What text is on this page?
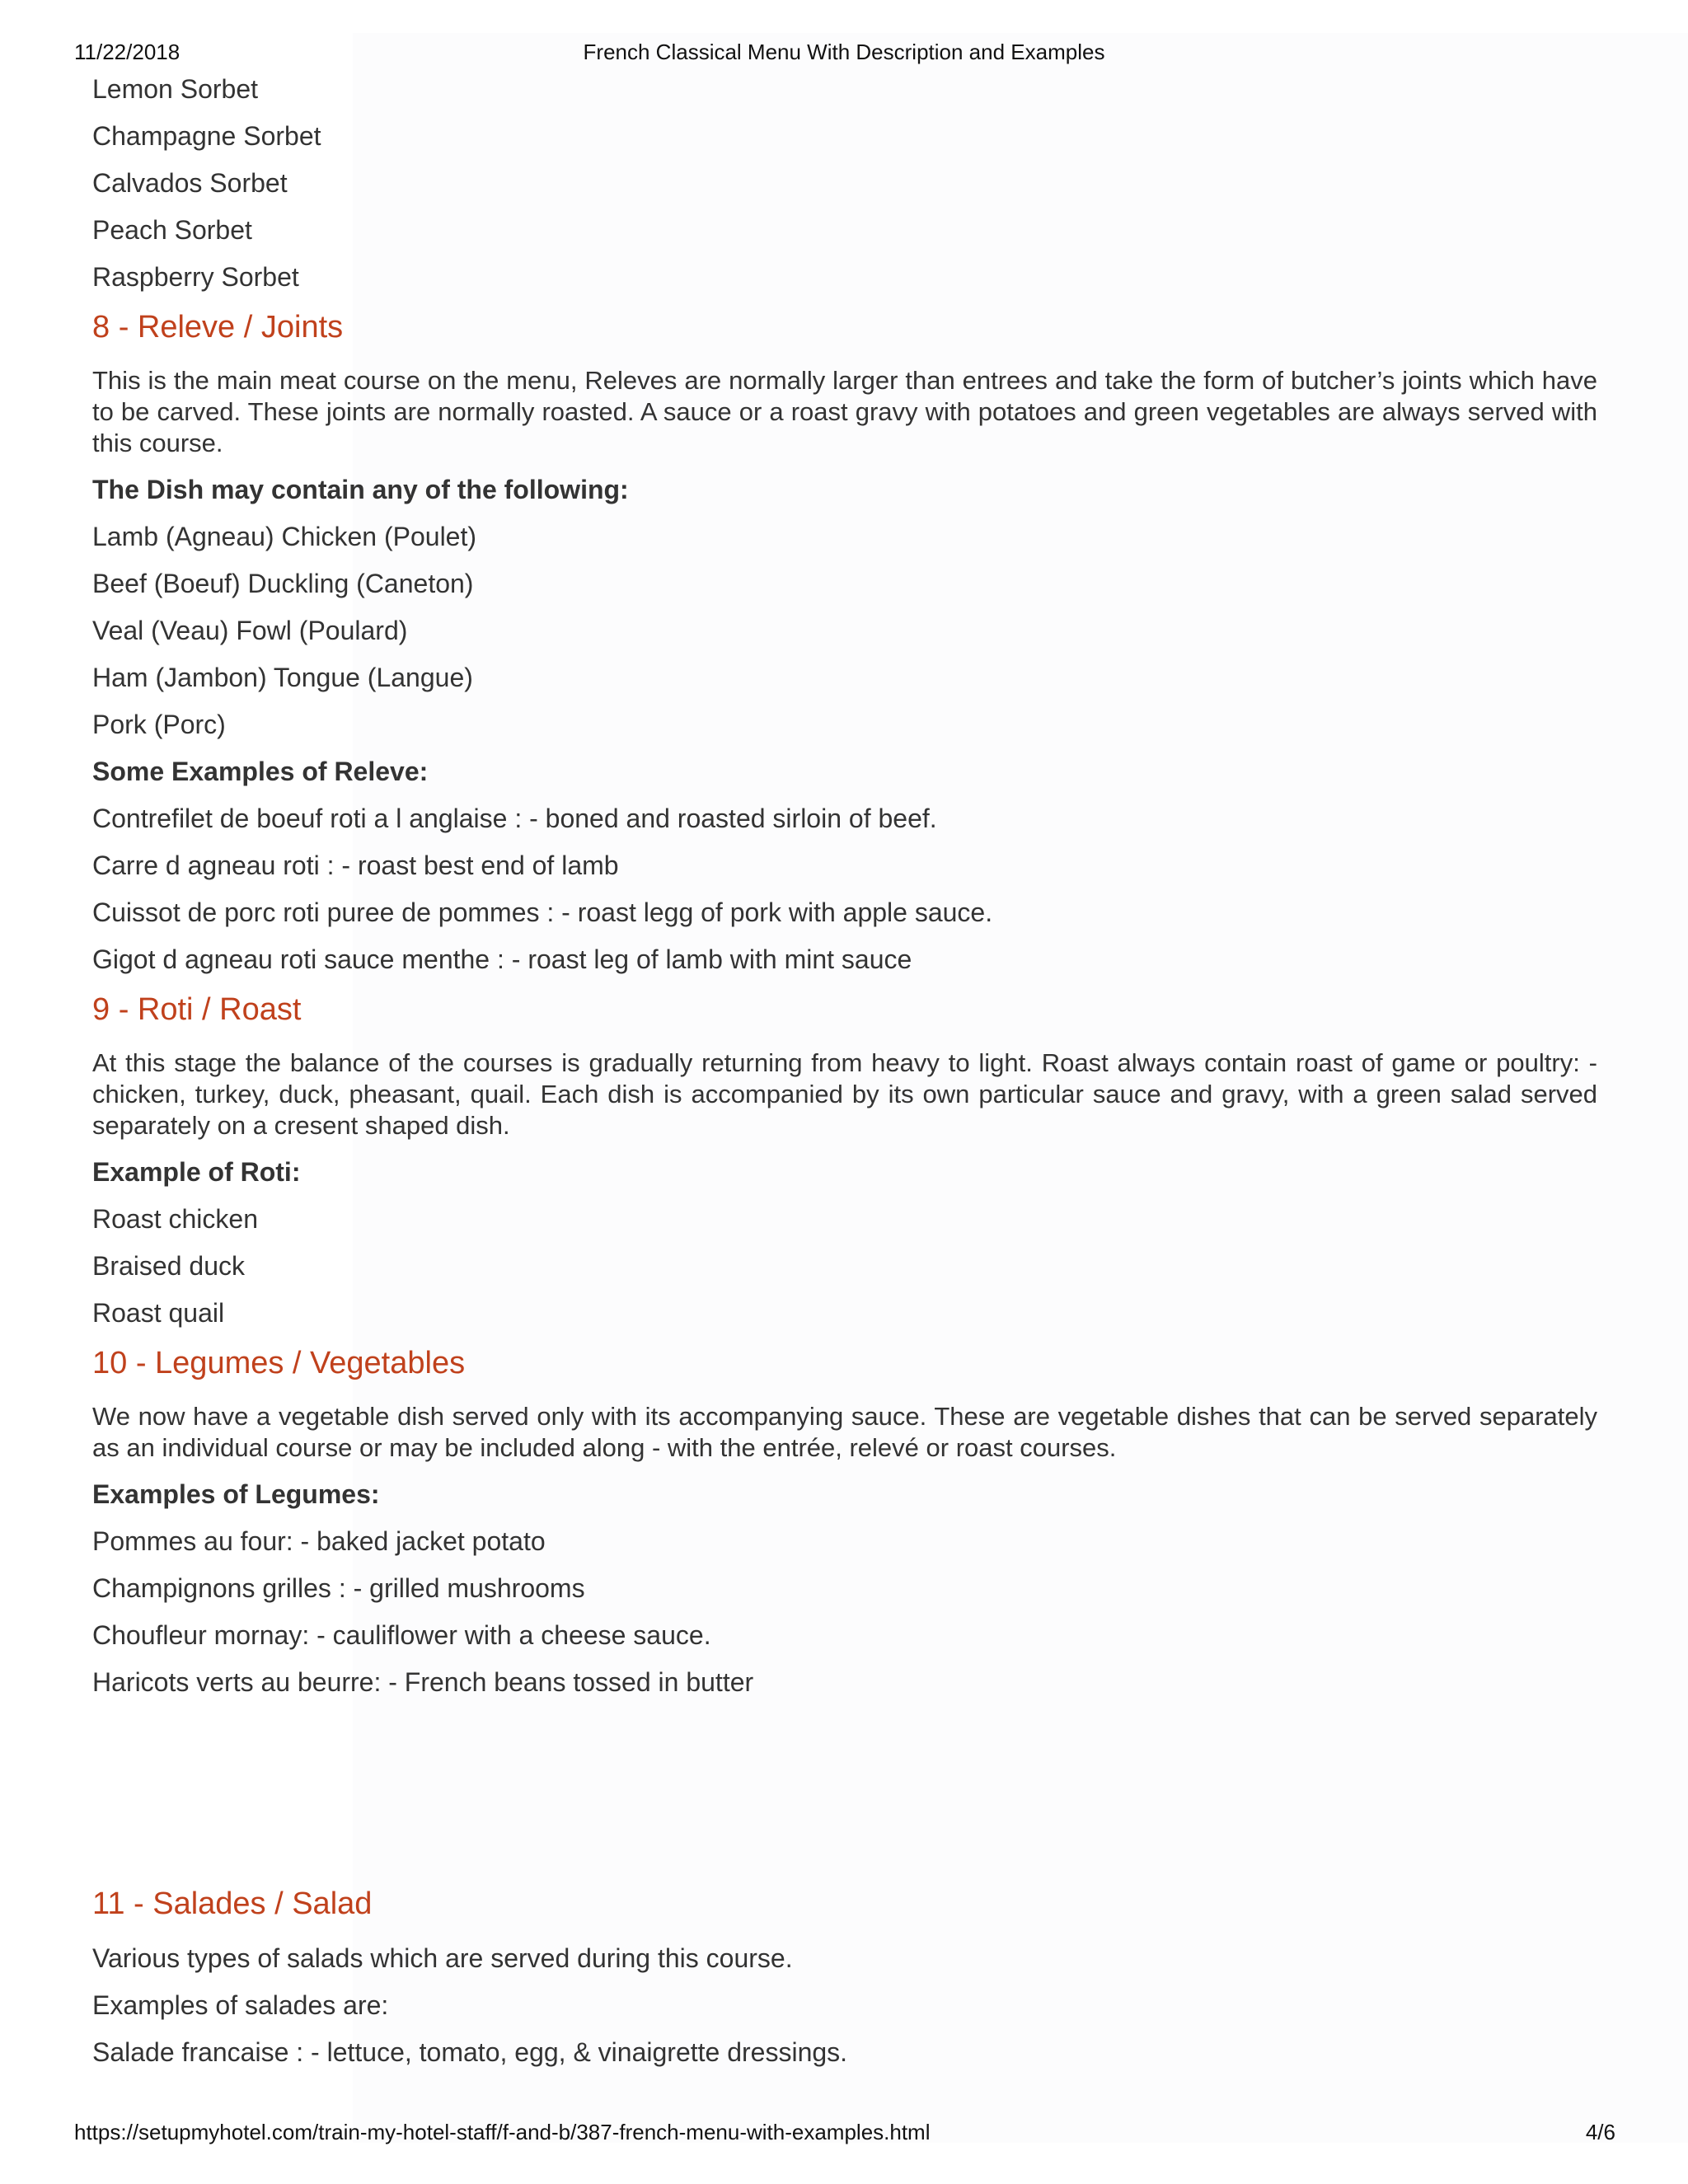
11/22/2018	French Classical Menu With Description and Examples
Lemon Sorbet
Champagne Sorbet
Calvados Sorbet
Peach Sorbet
Raspberry Sorbet
8 - Releve / Joints

This is the main meat course on the menu, Releves are normally larger than entrees and take the form of butcher’s joints which have to be carved. These joints are normally roasted. A sauce or a roast gravy with potatoes and green vegetables are always served with this course.

The Dish may contain any of the following:
Lamb (Agneau) Chicken (Poulet)
Beef (Boeuf) Duckling (Caneton)
Veal (Veau) Fowl (Poulard)
Ham (Jambon) Tongue (Langue)
Pork (Porc)
Some Examples of Releve:
Contrefilet de boeuf roti a l anglaise : - boned and roasted sirloin of beef.
Carre d agneau roti : - roast best end of lamb
Cuissot de porc roti puree de pommes : - roast legg of pork with apple sauce.
Gigot d agneau roti sauce menthe : - roast leg of lamb with mint sauce
9 - Roti / Roast

At this stage the balance of the courses is gradually returning from heavy to light. Roast always contain roast of game or poultry: - chicken, turkey, duck, pheasant, quail. Each dish is accompanied by its own particular sauce and gravy, with a green salad served separately on a cresent shaped dish.

Example of Roti:
Roast chicken
Braised duck
Roast quail
10 - Legumes / Vegetables

We now have a vegetable dish served only with its accompanying sauce. These are vegetable dishes that can be served separately as an individual course or may be included along - with the entrée, relevé or roast courses.

Examples of Legumes:
Pommes au four: - baked jacket potato
Champignons grilles : - grilled mushrooms
Choufleur mornay: - cauliflower with a cheese sauce.
Haricots verts au beurre: - French beans tossed in butter
11 - Salades / Salad
Various types of salads which are served during this course.
Examples of salades are:
Salade francaise : - lettuce, tomato, egg, & vinaigrette dressings.
https://setupmyhotel.com/train-my-hotel-staff/f-and-b/387-french-menu-with-examples.html	4/6
